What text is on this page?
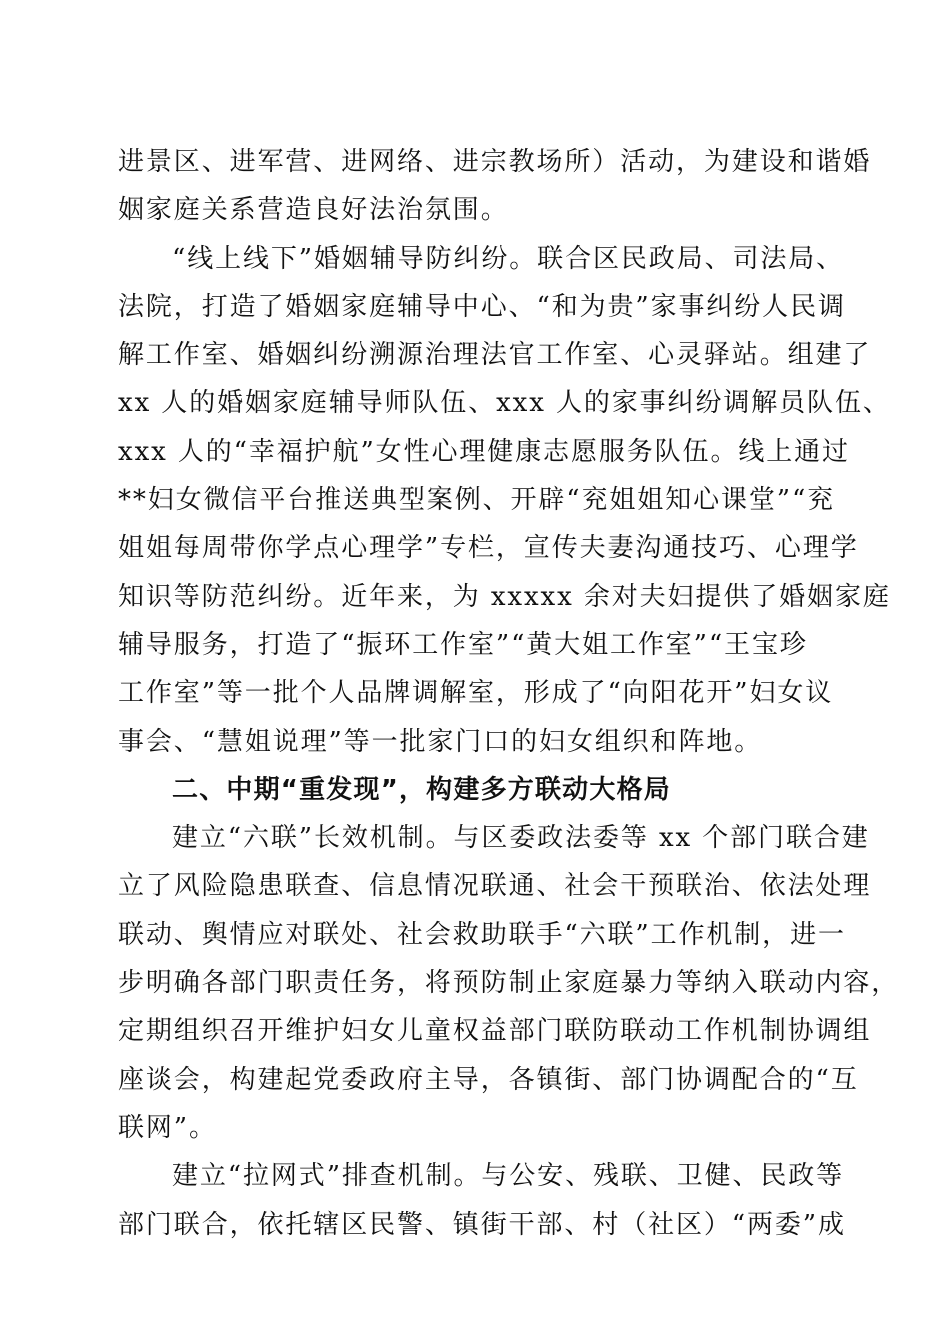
进景区、进军营、进网络、进宗教场所）活动，为建设和谐婚
姻家庭关系营造良好法治氛围。
“线上线下”婚姻辅导防纠纷。联合区民政局、司法局、
法院，打造了婚姻家庭辅导中心、“和为贵”家事纠纷人民调
解工作室、婚姻纠纷溯源治理法官工作室、心灵驿站。组建了
xx 人的婚姻家庭辅导师队伍、xxx 人的家事纠纷调解员队伍、
xxx 人的“幸福护航”女性心理健康志愿服务队伍。线上通过
**妇女微信平台推送典型案例、开辟“兖姐姐知心课堂”“兖
姐姐每周带你学点心理学”专栏，宣传夫妻沟通技巧、心理学
知识等防范纠纷。近年来，为 xxxxx 余对夫妇提供了婚姻家庭
辅导服务，打造了“振环工作室”“黄大姐工作室”“王宝珍
工作室”等一批个人品牌调解室，形成了“向阳花开”妇女议
事会、“慧姐说理”等一批家门口的妇女组织和阵地。
二、中期“重发现”，构建多方联动大格局
建立“六联”长效机制。与区委政法委等 xx 个部门联合建
立了风险隐患联查、信息情况联通、社会干预联治、依法处理
联动、舆情应对联处、社会救助联手“六联”工作机制，进一
步明确各部门职责任务，将预防制止家庭暴力等纳入联动内容，
定期组织召开维护妇女儿童权益部门联防联动工作机制协调组
座谈会，构建起党委政府主导，各镇街、部门协调配合的“互
联网”。
建立“拉网式”排查机制。与公安、残联、卫健、民政等
部门联合，依托辖区民警、镇街干部、村（社区）“两委”成
